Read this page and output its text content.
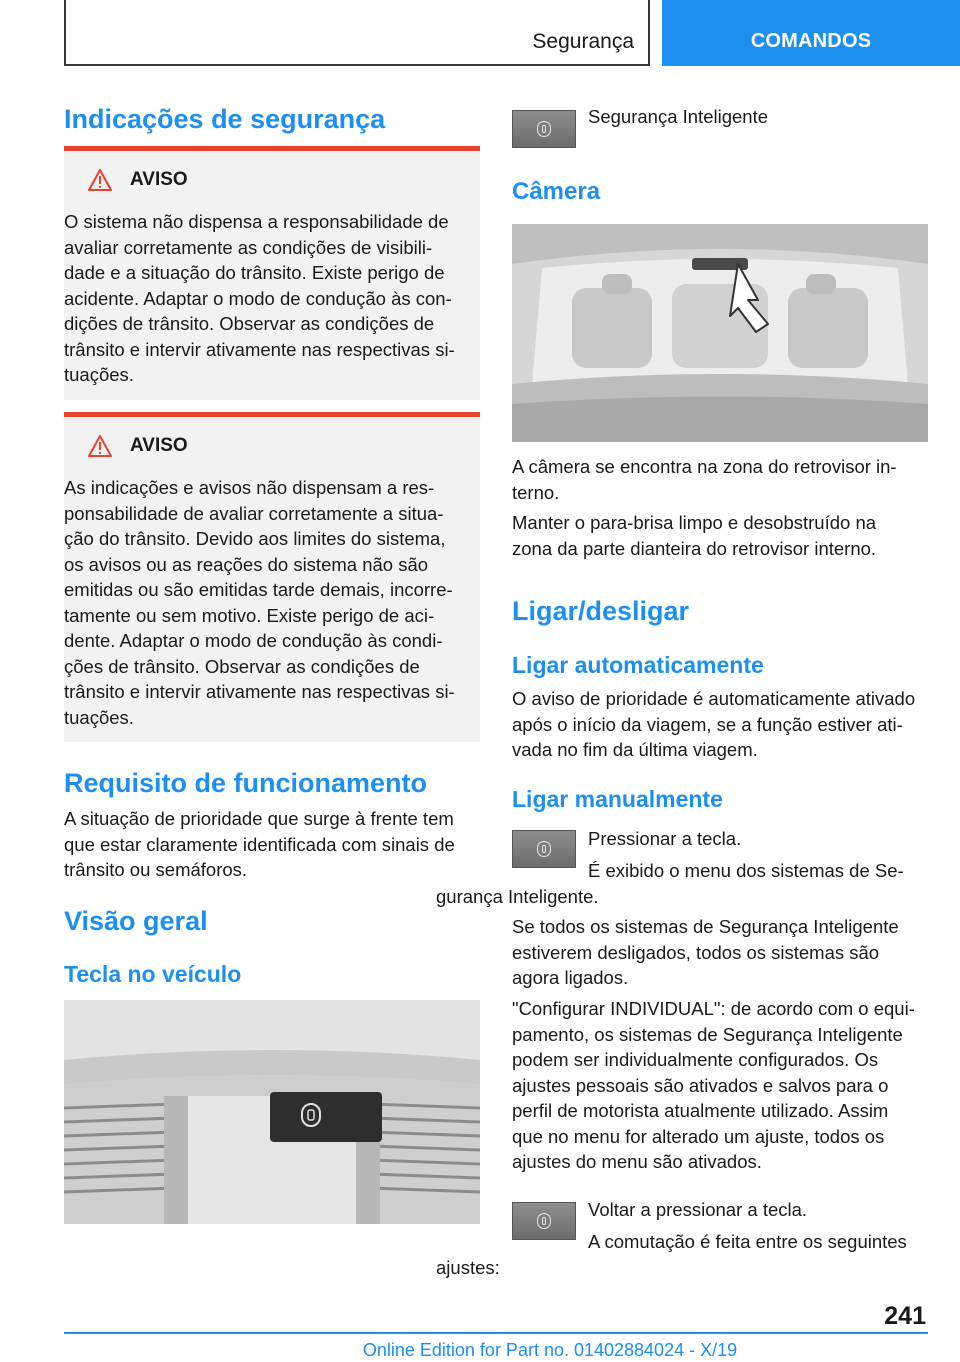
Segurança	COMANDOS
Indicações de segurança
AVISO

O sistema não dispensa a responsabilidade de
avaliar corretamente as condições de visibili-
dade e a situação do trânsito. Existe perigo de
acidente. Adaptar o modo de condução às con-
dições de trânsito. Observar as condições de
trânsito e intervir ativamente nas respectivas si-
tuações.

AVISO

As indicações e avisos não dispensam a res-
ponsabilidade de avaliar corretamente a situa-
ção do trânsito. Devido aos limites do sistema,
os avisos ou as reações do sistema não são
emitidas ou são emitidas tarde demais, incorre-
tamente ou sem motivo. Existe perigo de aci-
dente. Adaptar o modo de condução às condi-
ções de trânsito. Observar as condições de
trânsito e intervir ativamente nas respectivas si-
tuações.

Requisito de funcionamento

A situação de prioridade que surge à frente tem
que estar claramente identificada com sinais de
trânsito ou semáforos.

Visão geral
Tecla no veículo

Segurança Inteligente

Câmera

A câmera se encontra na zona do retrovisor in-
terno.

Manter o para-brisa limpo e desobstruído na
zona da parte dianteira do retrovisor interno.

Ligar/desligar
Ligar automaticamente

O aviso de prioridade é automaticamente ativado
após o início da viagem, se a função estiver ati-
vada no fim da última viagem.

Ligar manualmente

Pressionar a tecla.

É exibido o menu dos sistemas de Se-
gurança Inteligente.

Se todos os sistemas de Segurança Inteligente
estiverem desligados, todos os sistemas são
agora ligados.

"Configurar INDIVIDUAL": de acordo com o equi-
pamento, os sistemas de Segurança Inteligente
podem ser individualmente configurados. Os
ajustes pessoais são ativados e salvos para o
perfil de motorista atualmente utilizado. Assim
que no menu for alterado um ajuste, todos os
ajustes do menu são ativados.

Voltar a pressionar a tecla.

A comutação é feita entre os seguintes
ajustes:

241
Online Edition for Part no. 01402884024 - X/19
